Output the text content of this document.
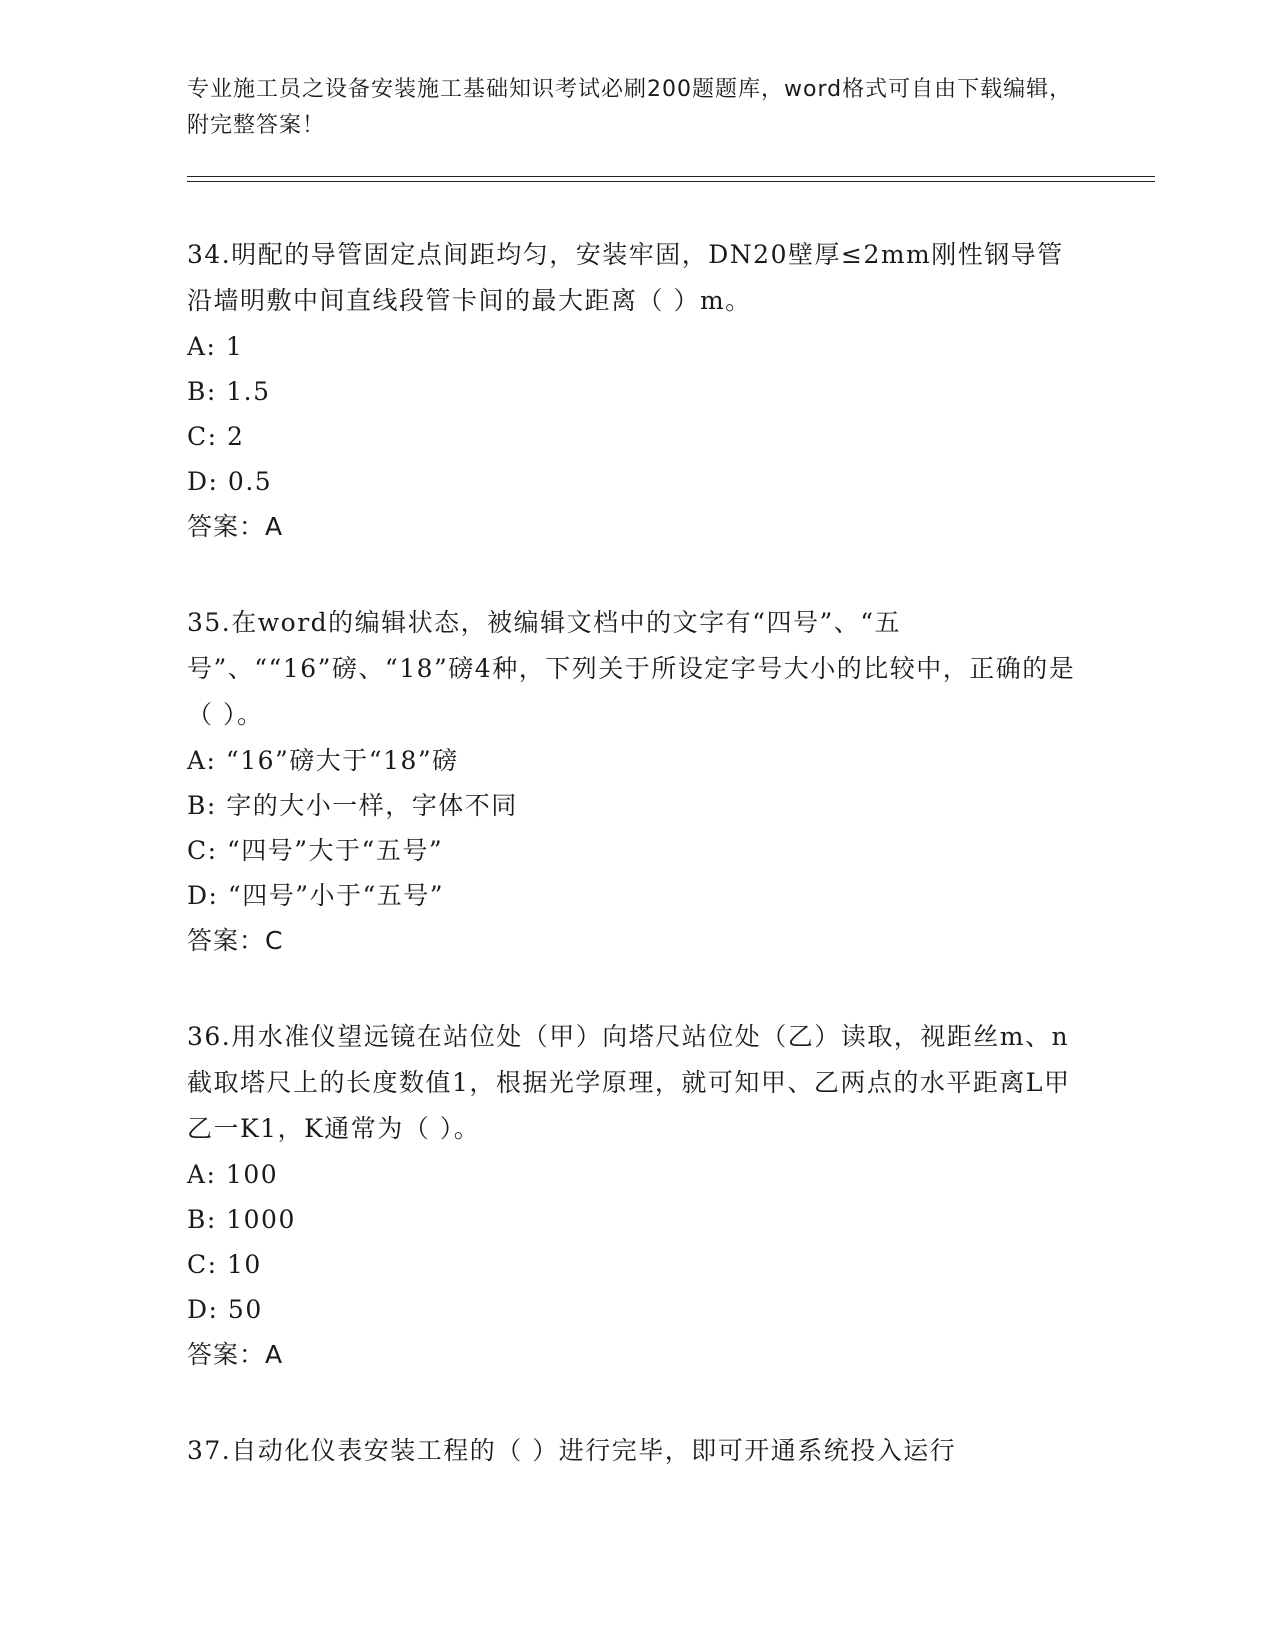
专业施工员之设备安装施工基础知识考试必刷200题题库，word格式可自由下载编辑，附完整答案！

34.明配的导管固定点间距均匀，安装牢固，DN20壁厚≤2mm刚性钢导管沿墙明敷中间直线段管卡间的最大距离（ ）m。

A: 1

B: 1.5

C: 2

D: 0.5

答案：A

35.在word的编辑状态，被编辑文档中的文字有“四号”、“五号”、““16”磅、“18”磅4种，下列关于所设定字号大小的比较中，正确的是（ ）。

A: “16”磅大于“18”磅

B: 字的大小一样，字体不同

C: “四号”大于“五号”

D: “四号”小于“五号”

答案：C

36.用水准仪望远镜在站位处（甲）向塔尺站位处（乙）读取，视距丝m、n截取塔尺上的长度数值1，根据光学原理，就可知甲、乙两点的水平距离L甲乙一K1，K通常为（ ）。

A: 100

B: 1000

C: 10

D: 50

答案：A

37.自动化仪表安装工程的（ ）进行完毕，即可开通系统投入运行
